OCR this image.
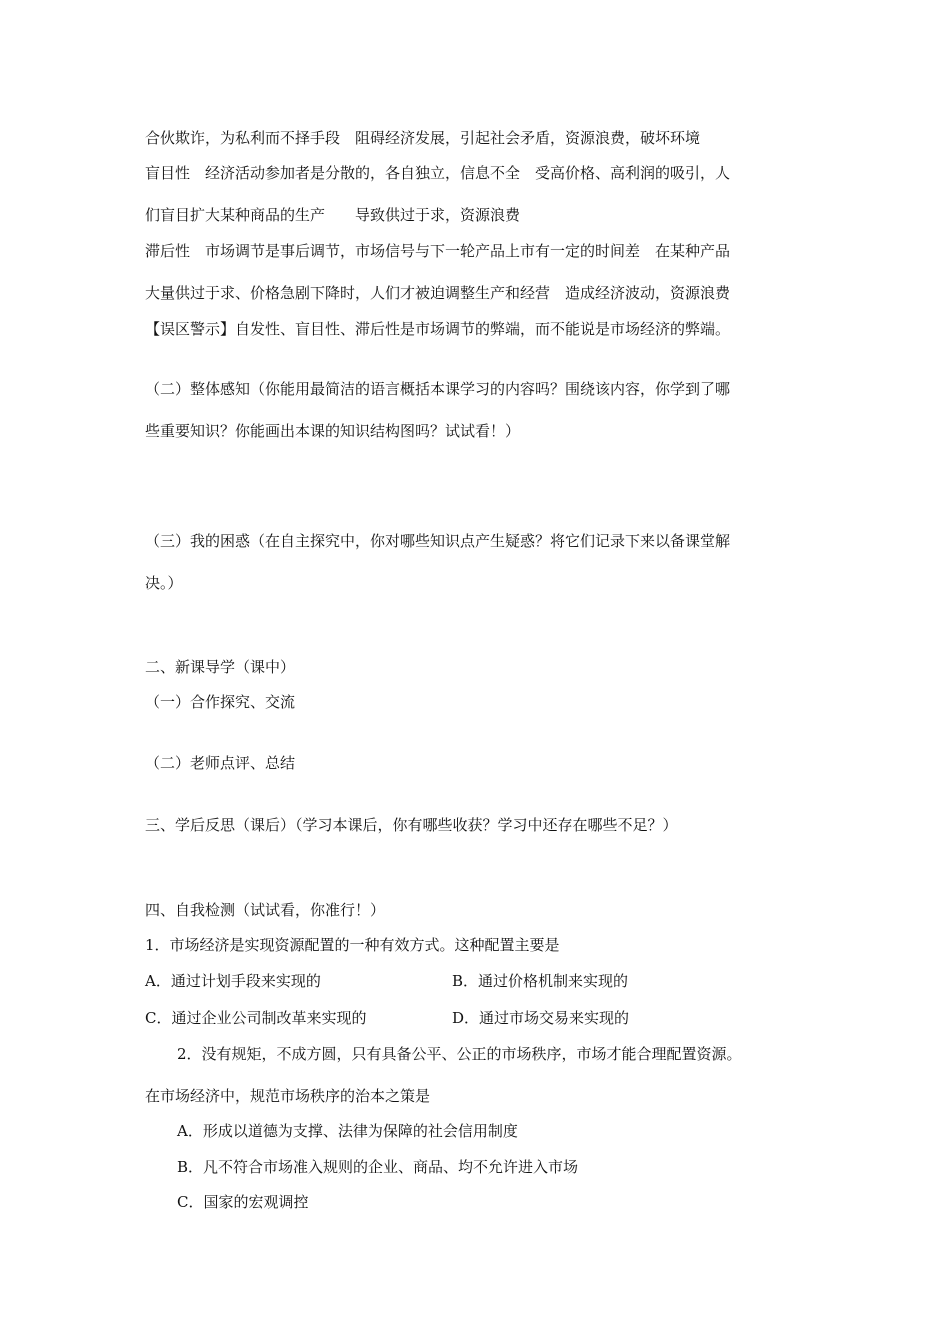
合伙欺诈，为私利而不择手段　阻碍经济发展，引起社会矛盾，资源浪费，破坏环境
盲目性　经济活动参加者是分散的，各自独立，信息不全　受高价格、高利润的吸引，人
们盲目扩大某种商品的生产　　导致供过于求，资源浪费
滞后性　市场调节是事后调节，市场信号与下一轮产品上市有一定的时间差　在某种产品
大量供过于求、价格急剧下降时，人们才被迫调整生产和经营　造成经济波动，资源浪费
【误区警示】自发性、盲目性、滞后性是市场调节的弊端，而不能说是市场经济的弊端。
（二）整体感知（你能用最简洁的语言概括本课学习的内容吗？围绕该内容，你学到了哪
些重要知识？你能画出本课的知识结构图吗？试试看！）
（三）我的困惑（在自主探究中，你对哪些知识点产生疑惑？将它们记录下来以备课堂解
决。）
二、新课导学（课中）
（一）合作探究、交流
（二）老师点评、总结
三、学后反思（课后）（学习本课后，你有哪些收获？学习中还存在哪些不足？）
四、自我检测（试试看，你准行！）
1．市场经济是实现资源配置的一种有效方式。这种配置主要是
A．通过计划手段来实现的	B．通过价格机制来实现的
C．通过企业公司制改革来实现的	D．通过市场交易来实现的
2．没有规矩，不成方圆，只有具备公平、公正的市场秩序，市场才能合理配置资源。
在市场经济中，规范市场秩序的治本之策是
A．形成以道德为支撑、法律为保障的社会信用制度
B．凡不符合市场准入规则的企业、商品、均不允许进入市场
C．国家的宏观调控
